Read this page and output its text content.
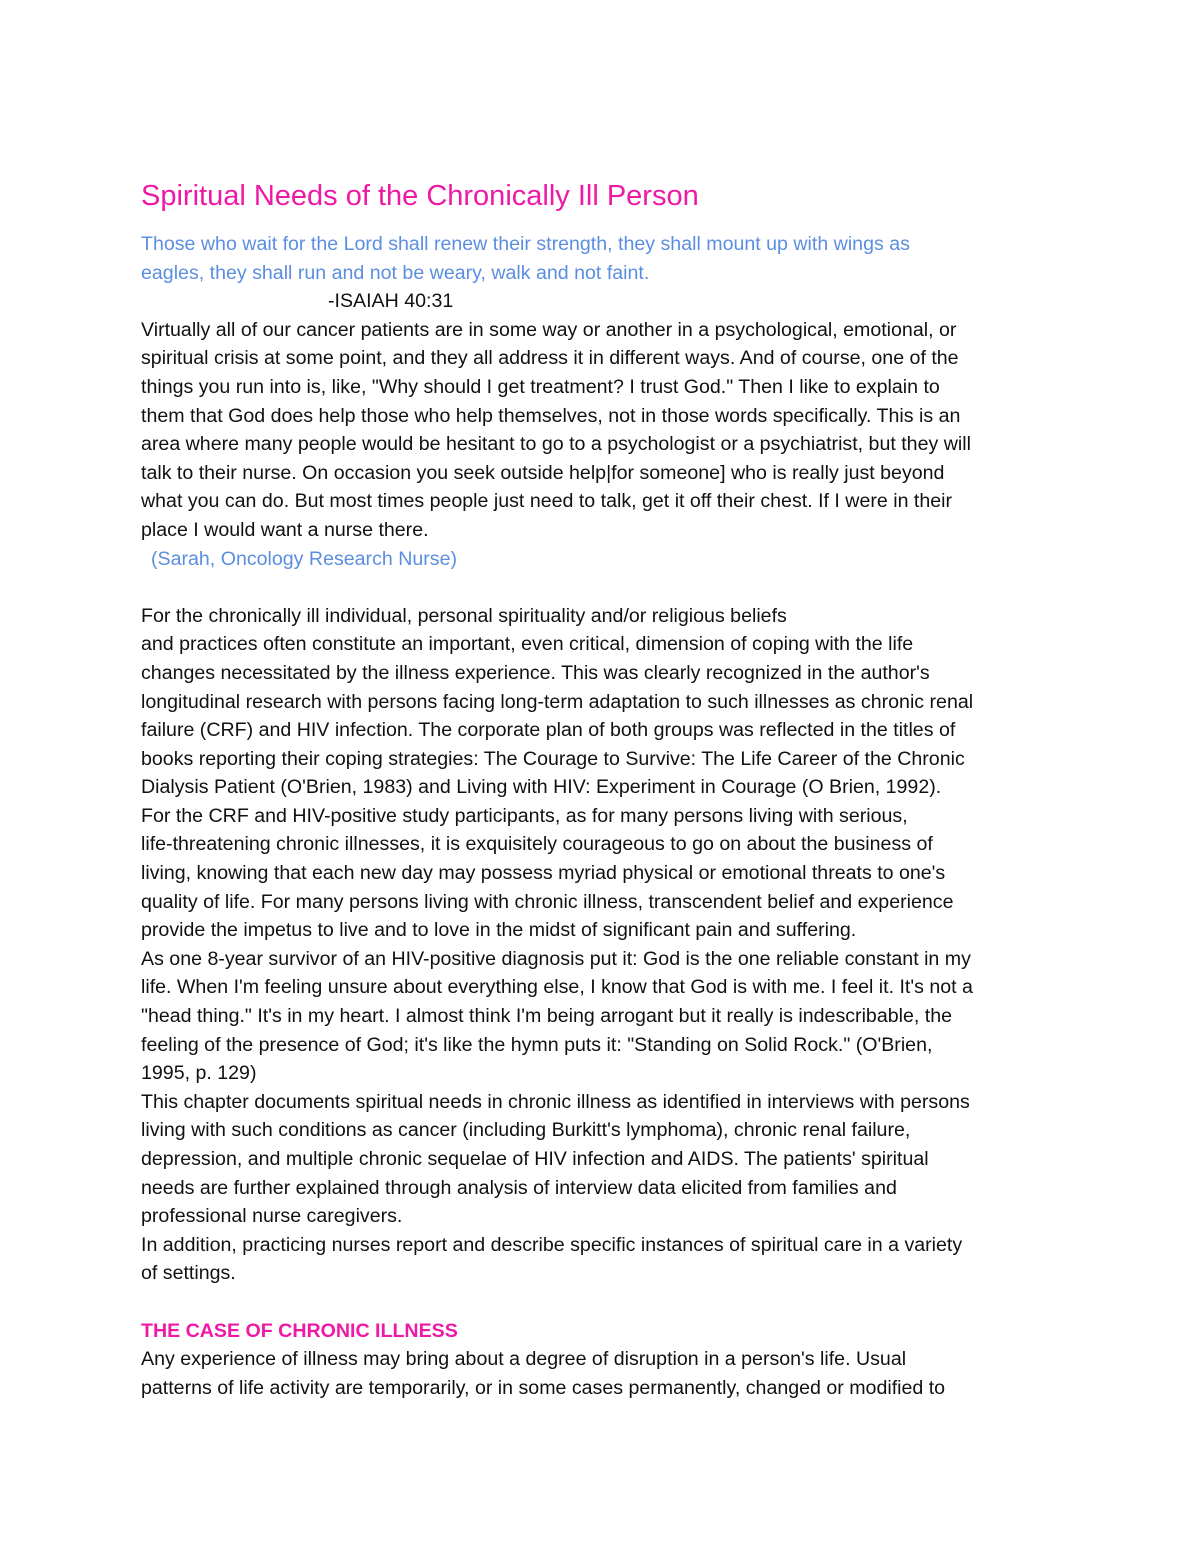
Spiritual Needs of the Chronically Ill Person

Those who wait for the Lord shall renew their strength, they shall mount up with wings as

eagles, they shall run and not be weary, walk and not faint.

-ISAIAH 40:31

Virtually all of our cancer patients are in some way or another in a psychological, emotional, or

spiritual crisis at some point, and they all address it in different ways. And of course, one of the

things you run into is, like, "Why should I get treatment? I trust God." Then I like to explain to

them that God does help those who help themselves, not in those words specifically. This is an

area where many people would be hesitant to go to a psychologist or a psychiatrist, but they will

talk to their nurse. On occasion you seek outside help|for someone] who is really just beyond

what you can do. But most times people just need to talk, get it off their chest. If I were in their

place I would want a nurse there.

(Sarah, Oncology Research Nurse)

For the chronically ill individual, personal spirituality and/or religious beliefs

and practices often constitute an important, even critical, dimension of coping with the life

changes necessitated by the illness experience. This was clearly recognized in the author's

longitudinal research with persons facing long-term adaptation to such illnesses as chronic renal

failure (CRF) and HIV infection. The corporate plan of both groups was reflected in the titles of

books reporting their coping strategies: The Courage to Survive: The Life Career of the Chronic

Dialysis Patient (O'Brien, 1983) and Living with HIV: Experiment in Courage (O Brien, 1992).

For the CRF and HIV-positive study participants, as for many persons living with serious,

life-threatening chronic illnesses, it is exquisitely courageous to go on about the business of

living, knowing that each new day may possess myriad physical or emotional threats to one's

quality of life. For many persons living with chronic illness, transcendent belief and experience

provide the impetus to live and to love in the midst of significant pain and suffering.

As one 8-year survivor of an HIV-positive diagnosis put it: God is the one reliable constant in my

life. When I'm feeling unsure about everything else, I know that God is with me. I feel it. It's not a

"head thing." It's in my heart. I almost think I'm being arrogant but it really is indescribable, the

feeling of the presence of God; it's like the hymn puts it: "Standing on Solid Rock." (O'Brien,

1995, p. 129)

This chapter documents spiritual needs in chronic illness as identified in interviews with persons

living with such conditions as cancer (including Burkitt's lymphoma), chronic renal failure,

depression, and multiple chronic sequelae of HIV infection and AIDS. The patients' spiritual

needs are further explained through analysis of interview data elicited from families and

professional nurse caregivers.

In addition, practicing nurses report and describe specific instances of spiritual care in a variety

of settings.

THE CASE OF CHRONIC ILLNESS

Any experience of illness may bring about a degree of disruption in a person's life. Usual

patterns of life activity are temporarily, or in some cases permanently, changed or modified to
